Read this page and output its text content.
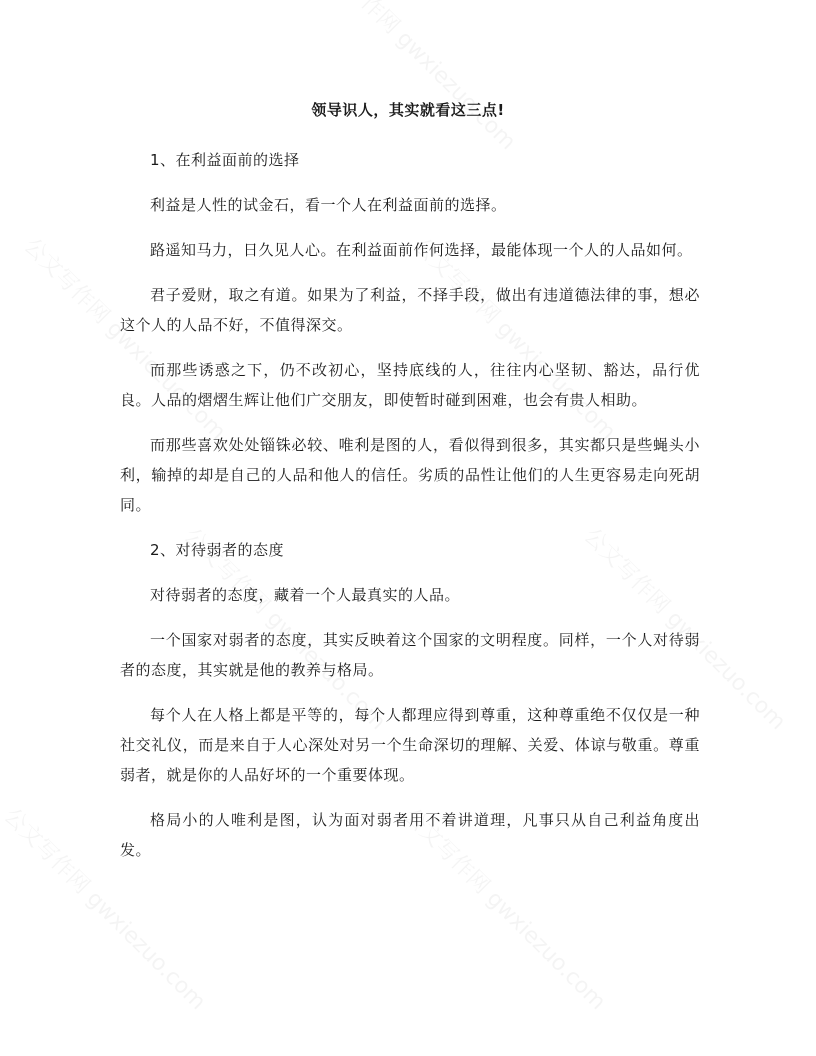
领导识人，其实就看这三点!

1、在利益面前的选择

利益是人性的试金石，看一个人在利益面前的选择。

路遥知马力，日久见人心。在利益面前作何选择，最能体现一个人的人品如何。

君子爱财，取之有道。如果为了利益，不择手段，做出有违道德法律的事，想必这个人的人品不好，不值得深交。

而那些诱惑之下，仍不改初心，坚持底线的人，往往内心坚韧、豁达，品行优良。人品的熠熠生辉让他们广交朋友，即使暂时碰到困难，也会有贵人相助。

而那些喜欢处处锱铢必较、唯利是图的人，看似得到很多，其实都只是些蝇头小利，输掉的却是自己的人品和他人的信任。劣质的品性让他们的人生更容易走向死胡同。

2、对待弱者的态度

对待弱者的态度，藏着一个人最真实的人品。

一个国家对弱者的态度，其实反映着这个国家的文明程度。同样，一个人对待弱者的态度，其实就是他的教养与格局。

每个人在人格上都是平等的，每个人都理应得到尊重，这种尊重绝不仅仅是一种社交礼仪，而是来自于人心深处对另一个生命深切的理解、关爱、体谅与敬重。尊重弱者，就是你的人品好坏的一个重要体现。

格局小的人唯利是图，认为面对弱者用不着讲道理，凡事只从自己利益角度出发。
